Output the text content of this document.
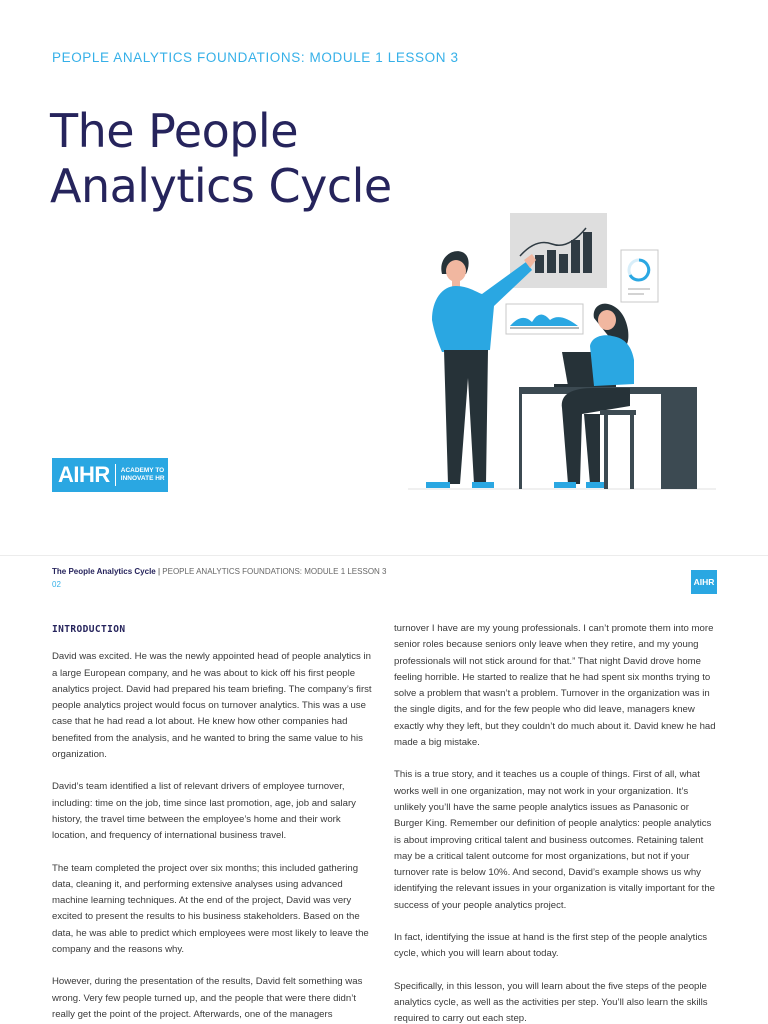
PEOPLE ANALYTICS FOUNDATIONS: MODULE 1 LESSON 3
The People
Analytics Cycle
AIHR ACADEMY TO
INNOVATE HR
The People Analytics Cycle | PEOPLE ANALYTICS FOUNDATIONS: MODULE 1 LESSON 3
02	AIHR
INTRODUCTION

David was excited. He was the newly appointed head of people analytics in a large European company, and he was about to kick off his first people analytics project. David had prepared his team briefing. The company’s first people analytics project would focus on turnover analytics. This was a use case that he had read a lot about. He knew how other companies had benefited from the analysis, and he wanted to bring the same value to his organization.

David’s team identified a list of relevant drivers of employee turnover, including: time on the job, time since last promotion, age, job and salary history, the travel time between the employee’s home and their work location, and frequency of international business travel.

The team completed the project over six months; this included gathering data, cleaning it, and performing extensive analyses using advanced machine learning techniques. At the end of the project, David was very excited to present the results to his business stakeholders. Based on the data, he was able to predict which employees were most likely to leave the company and the reasons why.

However, during the presentation of the results, David felt something was wrong. Very few people turned up, and the people that were there didn’t really get the point of the project. Afterwards, one of the managers

turnover I have are my young professionals. I can’t promote them into more senior roles because seniors only leave when they retire, and my young professionals will not stick around for that.” That night David drove home feeling horrible. He started to realize that he had spent six months trying to solve a problem that wasn’t a problem. Turnover in the organization was in the single digits, and for the few people who did leave, managers knew exactly why they left, but they couldn’t do much about it. David knew he had made a big mistake.

This is a true story, and it teaches us a couple of things. First of all, what works well in one organization, may not work in your organization. It’s unlikely you’ll have the same people analytics issues as Panasonic or Burger King. Remember our definition of people analytics: people analytics is about improving critical talent and business outcomes. Retaining talent may be a critical talent outcome for most organizations, but not if your turnover rate is below 10%. And second, David’s example shows us why identifying the relevant issues in your organization is vitally important for the success of your people analytics project.

In fact, identifying the issue at hand is the first step of the people analytics cycle, which you will learn about today.

Specifically, in this lesson, you will learn about the five steps of the people analytics cycle, as well as the activities per step. You’ll also learn the skills required to carry out each step.
